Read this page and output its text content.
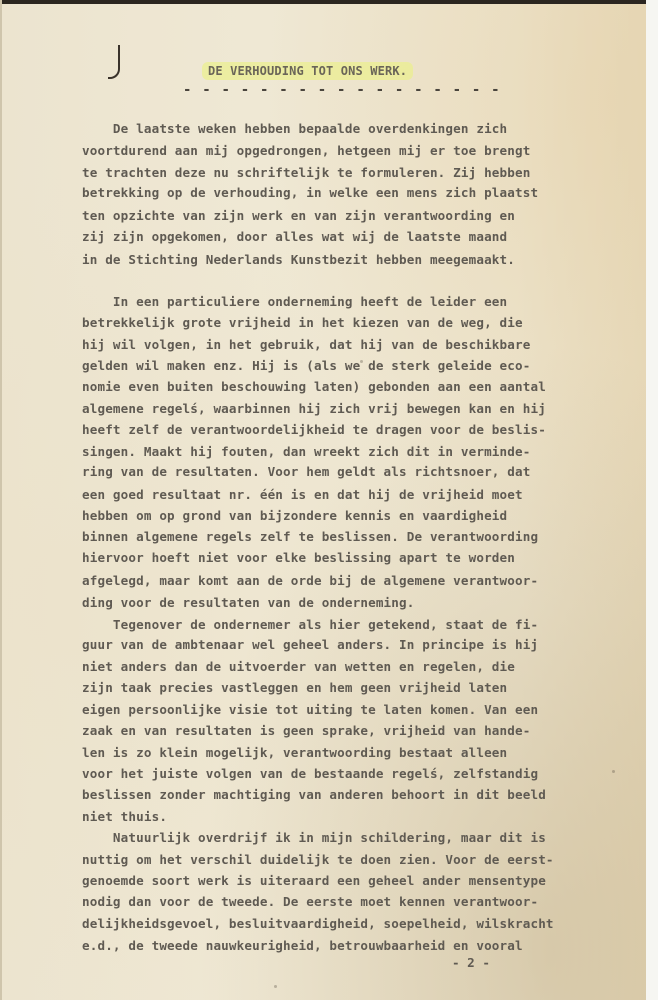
DE VERHOUDING TOT ONS WERK.
- - - - - - - - - - - - - - - - -
De laatste weken hebben bepaalde overdenkingen zich
voortdurend aan mij opgedrongen, hetgeen mij er toe brengt
te trachten deze nu schriftelijk te formuleren. Zij hebben
betrekking op de verhouding, in welke een mens zich plaatst
ten opzichte van zijn werk en van zijn verantwoording en
zij zijn opgekomen, door alles wat wij de laatste maand
in de Stichting Nederlands Kunstbezit hebben meegemaakt.
In een particuliere onderneming heeft de leider een
betrekkelijk grote vrijheid in het kiezen van de weg, die
hij wil volgen, in het gebruik, dat hij van de beschikbare
gelden wil maken enz. Hij is (als we de sterk geleide eco-
nomie even buiten beschouwing laten) gebonden aan een aantal
algemene regelś, waarbinnen hij zich vrij bewegen kan en hij
heeft zelf de verantwoordelijkheid te dragen voor de beslis-
singen. Maakt hij fouten, dan wreekt zich dit in verminde-
ring van de resultaten. Voor hem geldt als richtsnoer, dat
een goed resultaat nr. één is en dat hij de vrijheid moet
hebben om op grond van bijzondere kennis en vaardigheid
binnen algemene regels zelf te beslissen. De verantwoording
hiervoor hoeft niet voor elke beslissing apart te worden
afgelegd, maar komt aan de orde bij de algemene verantwoor-
ding voor de resultaten van de onderneming.
Tegenover de ondernemer als hier getekend, staat de fi-
guur van de ambtenaar wel geheel anders. In principe is hij
niet anders dan de uitvoerder van wetten en regelen, die
zijn taak precies vastleggen en hem geen vrijheid laten
eigen persoonlijke visie tot uiting te laten komen. Van een
zaak en van resultaten is geen sprake, vrijheid van hande-
len is zo klein mogelijk, verantwoording bestaat alleen
voor het juiste volgen van de bestaande regelś, zelfstandig
beslissen zonder machtiging van anderen behoort in dit beeld
niet thuis.
Natuurlijk overdrijf ik in mijn schildering, maar dit is
nuttig om het verschil duidelijk te doen zien. Voor de eerst-
genoemde soort werk is uiteraard een geheel ander mensentype
nodig dan voor de tweede. De eerste moet kennen verantwoor-
delijkheidsgevoel, besluitvaardigheid, soepelheid, wilskracht
e.d., de tweede nauwkeurigheid, betrouwbaarheid en vooral
- 2 -
